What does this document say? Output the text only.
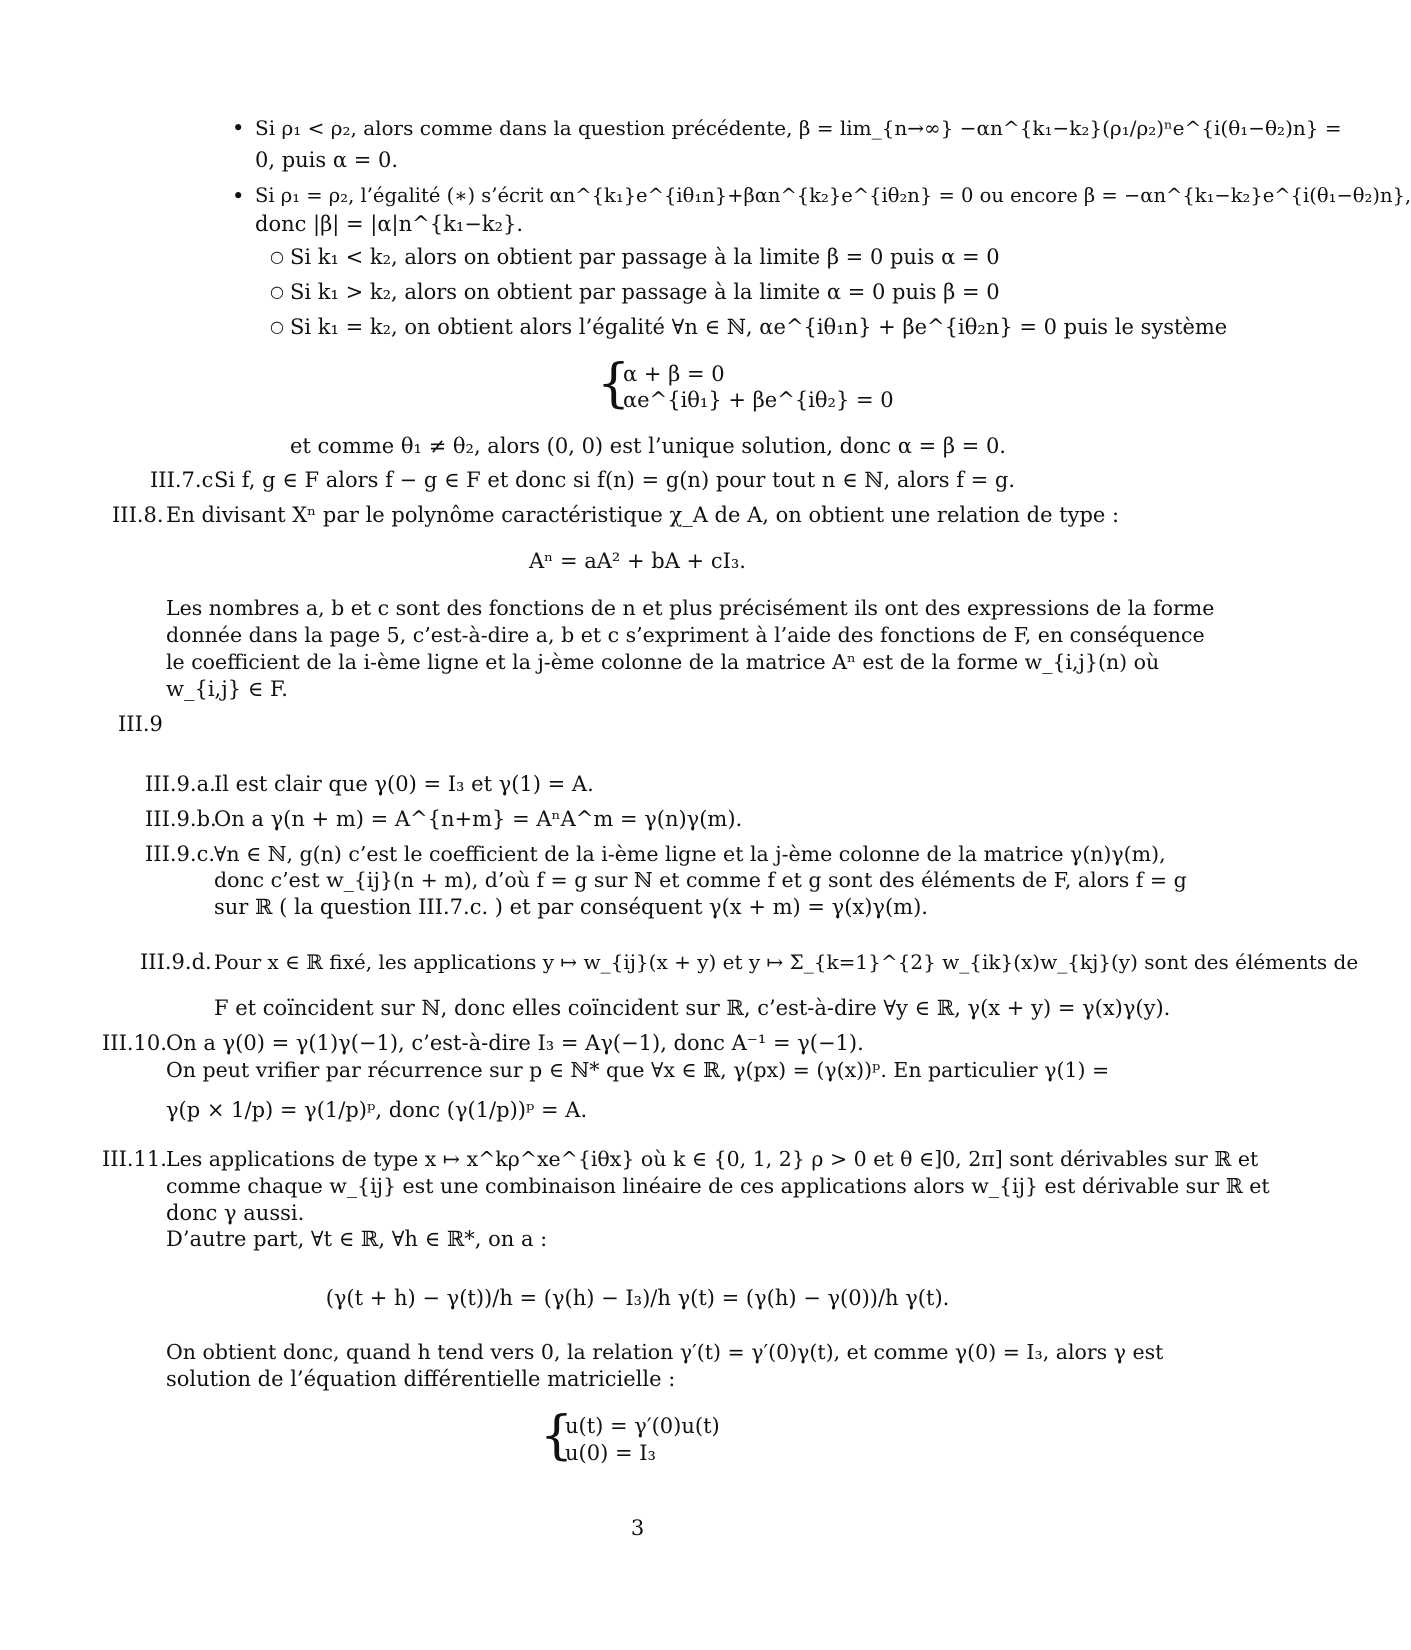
• Si ρ₁ < ρ₂, alors comme dans la question précédente, β = lim_{n→∞} −αn^{k₁−k₂}(ρ₁/ρ₂)ⁿe^{i(θ₁−θ₂)n} =
0, puis α = 0.
• Si ρ₁ = ρ₂, l’égalité (∗) s’écrit αn^{k₁}e^{iθ₁n}+βαn^{k₂}e^{iθ₂n} = 0 ou encore β = −αn^{k₁−k₂}e^{i(θ₁−θ₂)n},
donc |β| = |α|n^{k₁−k₂}.
○ Si k₁ < k₂, alors on obtient par passage à la limite β = 0 puis α = 0
○ Si k₁ > k₂, alors on obtient par passage à la limite α = 0 puis β = 0
○ Si k₁ = k₂, on obtient alors l’égalité ∀n ∈ ℕ, αe^{iθ₁n} + βe^{iθ₂n} = 0 puis le système
{
α + β = 0
αe^{iθ₁} + βe^{iθ₂} = 0
et comme θ₁ ≠ θ₂, alors (0, 0) est l’unique solution, donc α = β = 0.
III.7.c Si f, g ∈ F alors f − g ∈ F et donc si f(n) = g(n) pour tout n ∈ ℕ, alors f = g.
III.8. En divisant Xⁿ par le polynôme caractéristique χ_A de A, on obtient une relation de type :
Aⁿ = aA² + bA + cI₃.
Les nombres a, b et c sont des fonctions de n et plus précisément ils ont des expressions de la forme
donnée dans la page 5, c’est-à-dire a, b et c s’expriment à l’aide des fonctions de F, en conséquence
le coefficient de la i-ème ligne et la j-ème colonne de la matrice Aⁿ est de la forme w_{i,j}(n) où
w_{i,j} ∈ F.
III.9
III.9.a.
Il est clair que γ(0) = I₃ et γ(1) = A.
III.9.b.
On a γ(n + m) = A^{n+m} = AⁿA^m = γ(n)γ(m).
III.9.c.
∀n ∈ ℕ, g(n) c’est le coefficient de la i-ème ligne et la j-ème colonne de la matrice γ(n)γ(m),
donc c’est w_{ij}(n + m), d’où f = g sur ℕ et comme f et g sont des éléments de F, alors f = g
sur ℝ ( la question III.7.c. ) et par conséquent γ(x + m) = γ(x)γ(m).
III.9.d. Pour x ∈ ℝ fixé, les applications y ↦ w_{ij}(x + y) et y ↦ Σ_{k=1}^{2} w_{ik}(x)w_{kj}(y) sont des éléments de
F et coïncident sur ℕ, donc elles coïncident sur ℝ, c’est-à-dire ∀y ∈ ℝ, γ(x + y) = γ(x)γ(y).
III.10. On a γ(0) = γ(1)γ(−1), c’est-à-dire I₃ = Aγ(−1), donc A⁻¹ = γ(−1).
On peut vrifier par récurrence sur p ∈ ℕ* que ∀x ∈ ℝ, γ(px) = (γ(x))ᵖ. En particulier γ(1) =
γ(p × 1/p) = γ(1/p)ᵖ, donc (γ(1/p))ᵖ = A.
III.11. Les applications de type x ↦ x^kρ^xe^{iθx} où k ∈ {0, 1, 2} ρ > 0 et θ ∈]0, 2π] sont dérivables sur ℝ et
comme chaque w_{ij} est une combinaison linéaire de ces applications alors w_{ij} est dérivable sur ℝ et
donc γ aussi.
D’autre part, ∀t ∈ ℝ, ∀h ∈ ℝ*, on a :
(γ(t + h) − γ(t))/h = (γ(h) − I₃)/h γ(t) = (γ(h) − γ(0))/h γ(t).
On obtient donc, quand h tend vers 0, la relation γ′(t) = γ′(0)γ(t), et comme γ(0) = I₃, alors γ est
solution de l’équation différentielle matricielle :
{
u(t) = γ′(0)u(t)
u(0) = I₃
3
